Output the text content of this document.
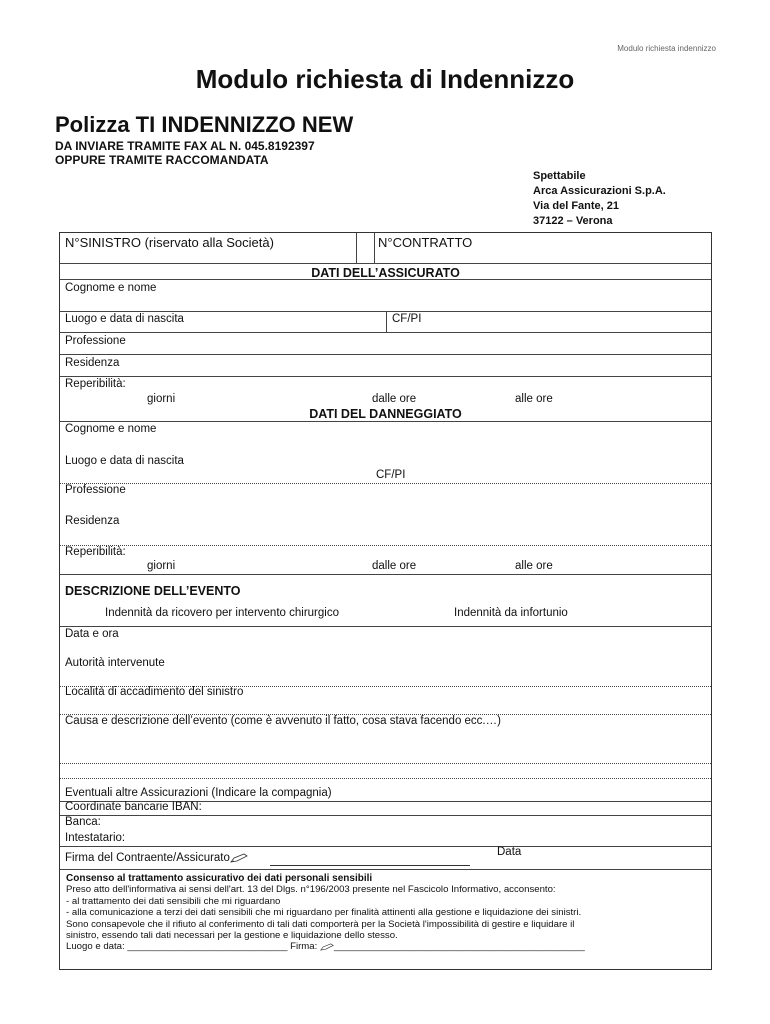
Modulo richiesta indennizzo
Modulo richiesta di Indennizzo
Polizza TI INDENNIZZO NEW
DA INVIARE TRAMITE FAX AL N. 045.8192397
OPPURE TRAMITE RACCOMANDATA
Spettabile
Arca Assicurazioni S.p.A.
Via del Fante, 21
37122 – Verona
N°SINISTRO (riservato alla Società)	N°CONTRATTO
DATI DELL’ASSICURATO
Cognome e nome
Luogo e data di nascita	CF/PI
Professione
Residenza
Reperibilità:
giorni	dalle ore	alle ore
DATI DEL DANNEGGIATO
Cognome e nome
Luogo e data di nascita
CF/PI
Professione
Residenza
Reperibilità:
giorni	dalle ore	alle ore
DESCRIZIONE DELL’EVENTO
Indennità da ricovero per intervento chirurgico	Indennità da infortunio
Data e ora
Autorità intervenute
Località di accadimento del sinistro
Causa e descrizione dell’evento (come è avvenuto il fatto, cosa stava facendo ecc.…)
Eventuali altre Assicurazioni (Indicare la compagnia)
Coordinate bancarie IBAN:
Banca:
Intestatario:
Firma del Contraente/Assicurato	Data
Consenso al trattamento assicurativo dei dati personali sensibili
Preso atto dell'informativa ai sensi dell'art. 13 del Dlgs. n°196/2003 presente nel Fascicolo Informativo, acconsento:
- al trattamento dei dati sensibili che mi riguardano
- alla comunicazione a terzi dei dati sensibili che mi riguardano per finalità attinenti alla gestione e liquidazione dei sinistri.
Sono consapevole che il rifiuto al conferimento di tali dati comporterà per la Società l'impossibilità di gestire e liquidare il
sinistro, essendo tali dati necessari per la gestione e liquidazione dello stesso.
Luogo e data: ______________________________ Firma: _______________________________________________
